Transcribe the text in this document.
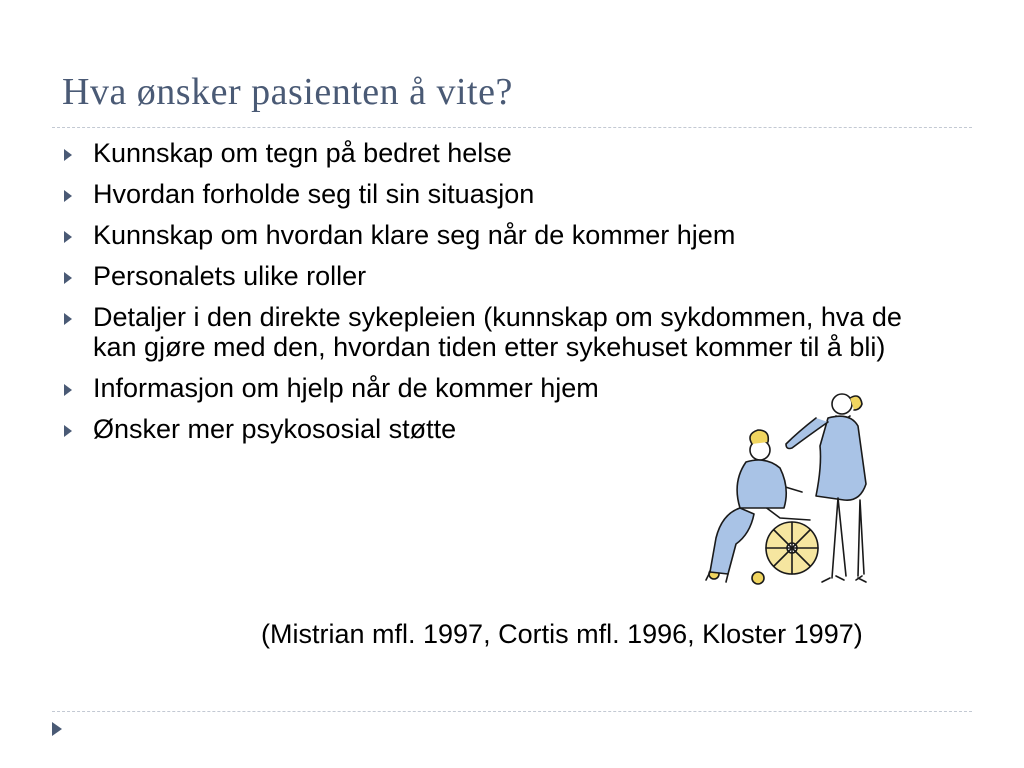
Hva ønsker pasienten å vite?
Kunnskap om tegn på bedret helse
Hvordan forholde seg til sin situasjon
Kunnskap om hvordan klare seg når de kommer hjem
Personalets ulike roller
Detaljer i den direkte sykepleien (kunnskap om sykdommen, hva de kan gjøre med den, hvordan tiden etter sykehuset kommer til å bli)
Informasjon om hjelp når de kommer hjem
Ønsker mer psykososial støtte
(Mistrian mfl. 1997, Cortis mfl. 1996, Kloster 1997)
